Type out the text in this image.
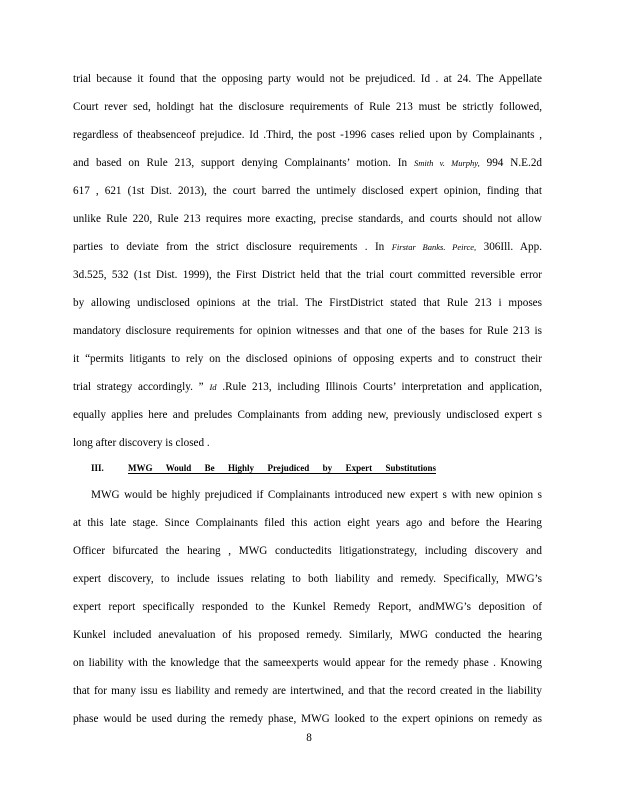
trial because it found that the opposing party would not be prejudiced. Id . at 24. The Appellate

Court rever sed, holdingt hat the disclosure requirements of Rule 213 must be strictly followed,

regardless of theabsenceof prejudice. Id .Third, the post -1996 cases relied upon by Complainants ,

and based on Rule 213, support denying Complainants’ motion. In Smith v. Murphy, 994 N.E.2d

617 , 621 (1st Dist. 2013), the court barred the untimely disclosed expert opinion, finding that

unlike Rule 220, Rule 213 requires more exacting, precise standards, and courts should not allow

parties to deviate from the strict disclosure requirements . In Firstar Banks. Peirce, 306Ill. App.

3d.525, 532 (1st Dist. 1999), the First District held that the trial court committed reversible error

by allowing undisclosed opinions at the trial. The FirstDistrict stated that Rule 213 i mposes

mandatory disclosure requirements for opinion witnesses and that one of the bases for Rule 213 is

it “permits litigants to rely on the disclosed opinions of opposing experts and to construct their

trial strategy accordingly. ” Id .Rule 213, including Illinois Courts’ interpretation and application,

equally applies here and preludes Complainants from adding new, previously undisclosed expert s

long after discovery is closed .

III.	MWG Would Be Highly Prejudiced by Expert Substitutions

MWG would be highly prejudiced if Complainants introduced new expert s with new opinion s

at this late stage. Since Complainants filed this action eight years ago and before the Hearing

Officer bifurcated the hearing , MWG conductedits litigationstrategy, including discovery and

expert discovery, to include issues relating to both liability and remedy. Specifically, MWG’s

expert report specifically responded to the Kunkel Remedy Report, andMWG’s deposition of

Kunkel included anevaluation of his proposed remedy. Similarly, MWG conducted the hearing

on liability with the knowledge that the sameexperts would appear for the remedy phase . Knowing

that for many issu es liability and remedy are intertwined, and that the record created in the liability

phase would be used during the remedy phase, MWG looked to the expert opinions on remedy as

8
